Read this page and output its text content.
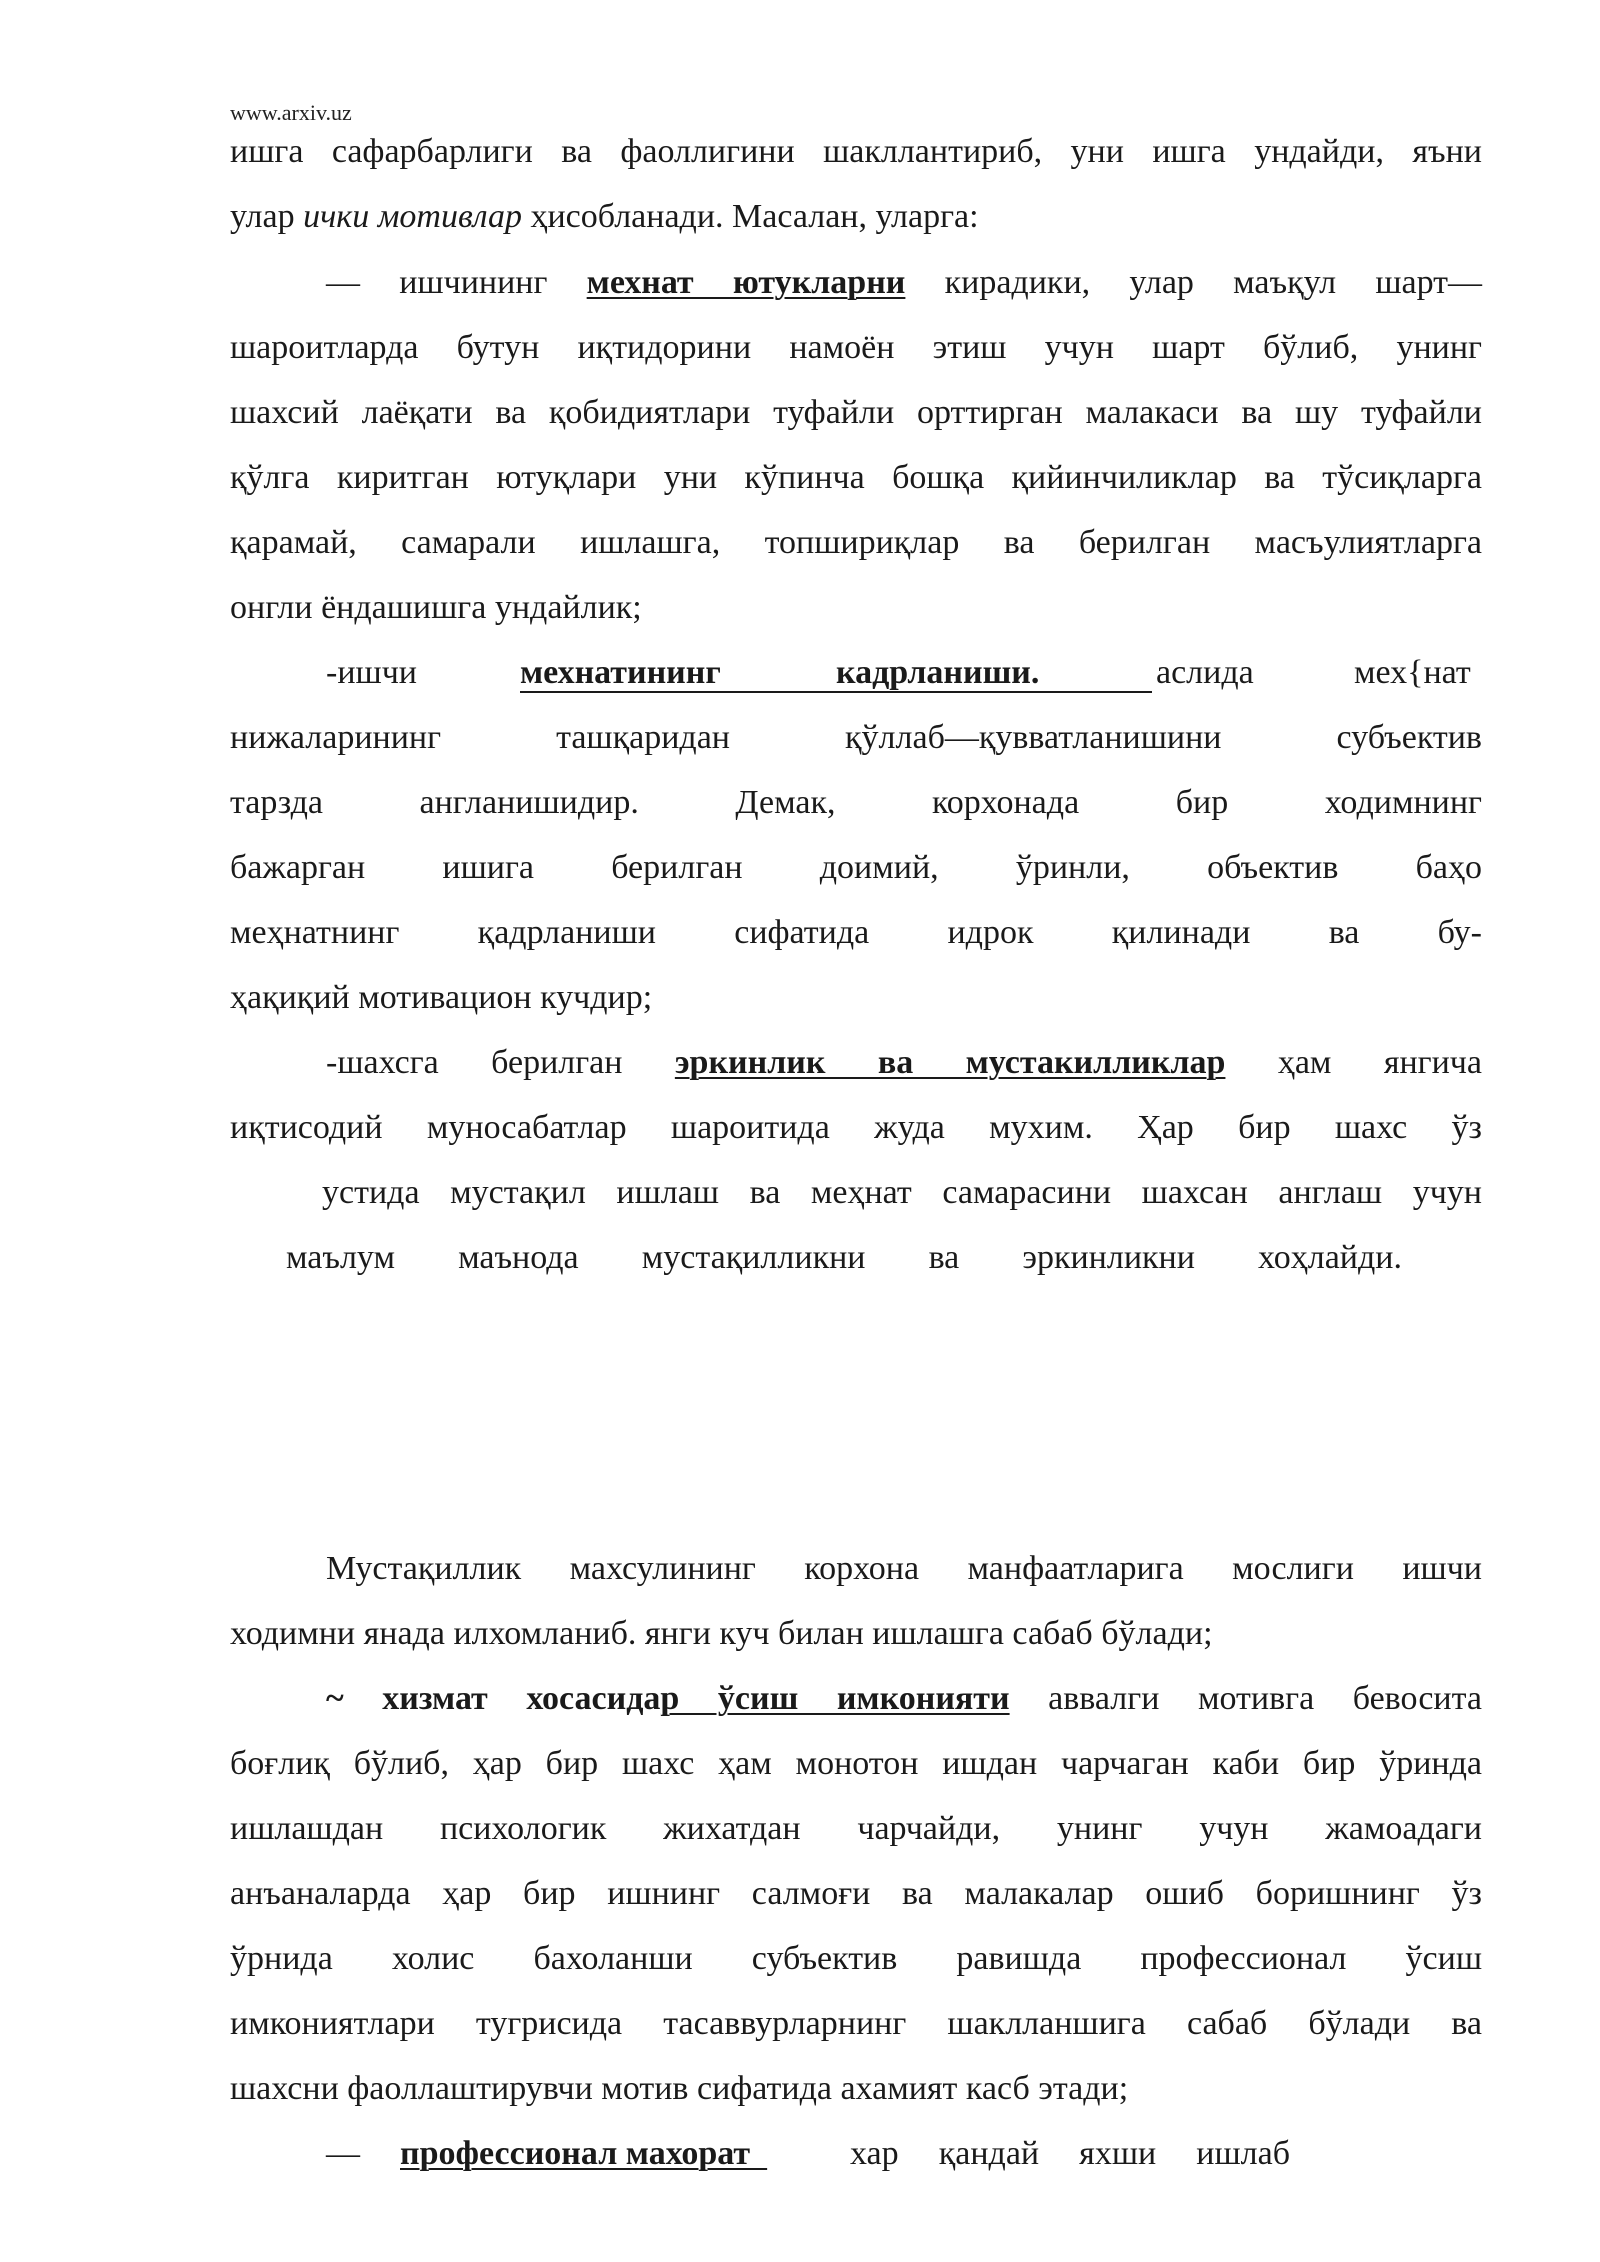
www.arxiv.uz
ишга сафарбарлиги ва фаоллигини шакллантириб, уни ишга ундайди, яъни
улар ички мотивлар ҳисобланади. Масалан, уларга:
— ишчининг мехнат ютукларни кирадики, улар маъқул шарт—
шароитларда бутун иқтидорини намоён этиш учун шарт бўлиб, унинг
шахсий лаёқати ва қобидиятлари туфайли орттирган малакаси ва шу туфайли
қўлга киритган ютуқлари уни кўпинча бошқа қийинчиликлар ва тўсиқларга
қарамай, самарали ишлашга, топшириқлар ва берилган масъулиятларга
онгли ёндашишга ундайлик;
-ишчи	мехнатининг	кадрланиши.	аслида	мех{нат
нижаларининг ташқаридан қўллаб—қувватланишини субъектив
тарзда англанишидир. Демак, корхонада бир ходимнинг
бажарган ишига берилган доимий, ўринли, объектив баҳо
меҳнатнинг қадрланиши сифатида идрок қилинади ва бу-
ҳақиқий мотивацион кучдир;
-шахсга берилган эркинлик ва мустакилликлар ҳам янгича
иқтисодий муносабатлар шароитида жуда мухим. Ҳар бир шахс ўз
устида мустақил ишлаш ва меҳнат самарасини шахсан англаш учун
маълум маънода мустақилликни ва эркинликни хоҳлайди.
Мустақиллик махсулининг корхона манфаатларига мослиги ишчи
ходимни янада илхомланиб. янги куч билан ишлашга сабаб бўлади;
~ хизмат хосасидар ўсиш имконияти аввалги мотивга бевосита
боғлиқ бўлиб, ҳар бир шахс ҳам монотон ишдан чарчаган каби бир ўринда
ишлашдан психологик жихатдан чарчайди, унинг учун жамоадаги
анъаналарда ҳар бир ишнинг салмоғи ва малакалар ошиб боришнинг ўз
ўрнида холис бахоланши субъектив равишда профессионал ўсиш
имкониятлари тугрисида тасаввурларнинг шаклланшига сабаб бўлади ва
шахсни фаоллаштирувчи мотив сифатида ахамият касб этади;
— профессионал махорат хар қандай яхши ишлаб
